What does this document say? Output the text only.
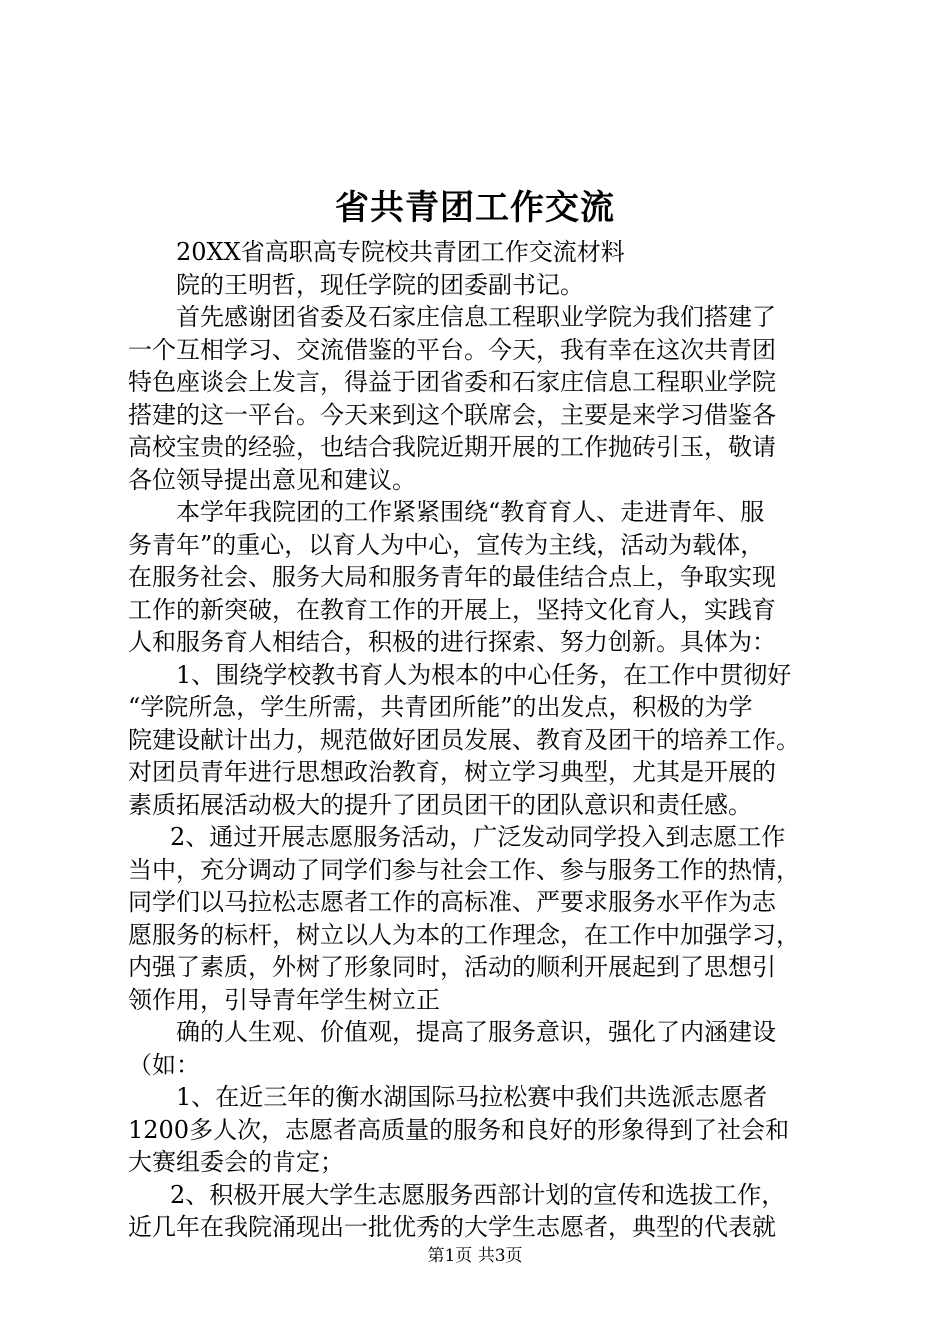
省共青团工作交流
20XX省高职高专院校共青团工作交流材料
院的王明哲，现任学院的团委副书记。
首先感谢团省委及石家庄信息工程职业学院为我们搭建了
一个互相学习、交流借鉴的平台。今天，我有幸在这次共青团
特色座谈会上发言，得益于团省委和石家庄信息工程职业学院
搭建的这一平台。今天来到这个联席会，主要是来学习借鉴各
高校宝贵的经验，也结合我院近期开展的工作抛砖引玉，敬请
各位领导提出意见和建议。
本学年我院团的工作紧紧围绕“教育育人、走进青年、服
务青年”的重心，以育人为中心，宣传为主线，活动为载体，
在服务社会、服务大局和服务青年的最佳结合点上，争取实现
工作的新突破，在教育工作的开展上，坚持文化育人，实践育
人和服务育人相结合，积极的进行探索、努力创新。具体为：
1、围绕学校教书育人为根本的中心任务，在工作中贯彻好
“学院所急，学生所需，共青团所能”的出发点，积极的为学
院建设献计出力，规范做好团员发展、教育及团干的培养工作。
对团员青年进行思想政治教育，树立学习典型，尤其是开展的
素质拓展活动极大的提升了团员团干的团队意识和责任感。
2、通过开展志愿服务活动，广泛发动同学投入到志愿工作
当中，充分调动了同学们参与社会工作、参与服务工作的热情，
同学们以马拉松志愿者工作的高标准、严要求服务水平作为志
愿服务的标杆，树立以人为本的工作理念，在工作中加强学习，
内强了素质，外树了形象同时，活动的顺利开展起到了思想引
领作用，引导青年学生树立正
确的人生观、价值观，提高了服务意识，强化了内涵建设
（如：
1、在近三年的衡水湖国际马拉松赛中我们共选派志愿者
1200多人次，志愿者高质量的服务和良好的形象得到了社会和
大赛组委会的肯定；
2、积极开展大学生志愿服务西部计划的宣传和选拔工作，
近几年在我院涌现出一批优秀的大学生志愿者，典型的代表就
第1页 共3页
